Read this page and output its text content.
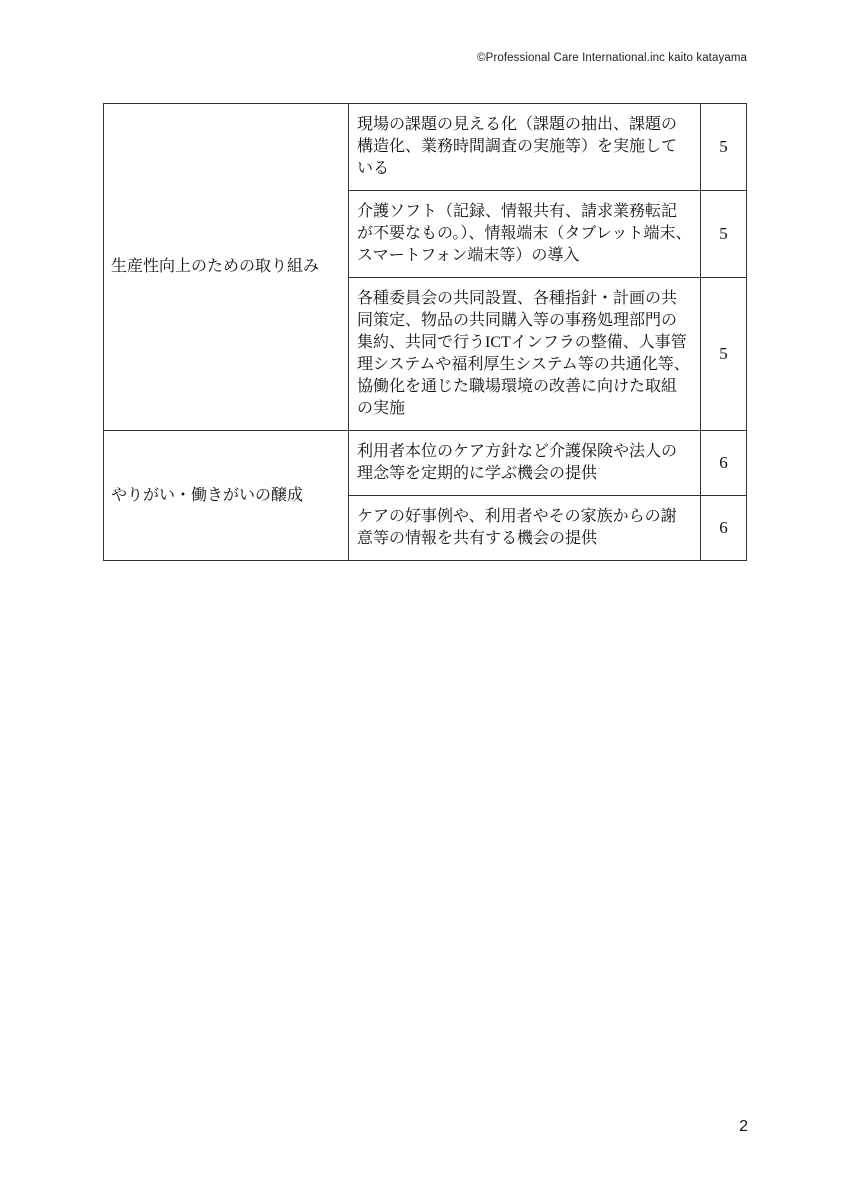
©Professional Care International.inc kaito katayama
生産性向上のための取り組み	現場の課題の見える化（課題の抽出、課題の構造化、業務時間調査の実施等）を実施している	5
	介護ソフト（記録、情報共有、請求業務転記が不要なもの。）、情報端末（タブレット端末、スマートフォン端末等）の導入	5
	各種委員会の共同設置、各種指針・計画の共同策定、物品の共同購入等の事務処理部門の集約、共同で行うICTインフラの整備、人事管理システムや福利厚生システム等の共通化等、協働化を通じた職場環境の改善に向けた取組の実施	5
やりがい・働きがいの醸成	利用者本位のケア方針など介護保険や法人の理念等を定期的に学ぶ機会の提供	6
	ケアの好事例や、利用者やその家族からの謝意等の情報を共有する機会の提供	6
2
